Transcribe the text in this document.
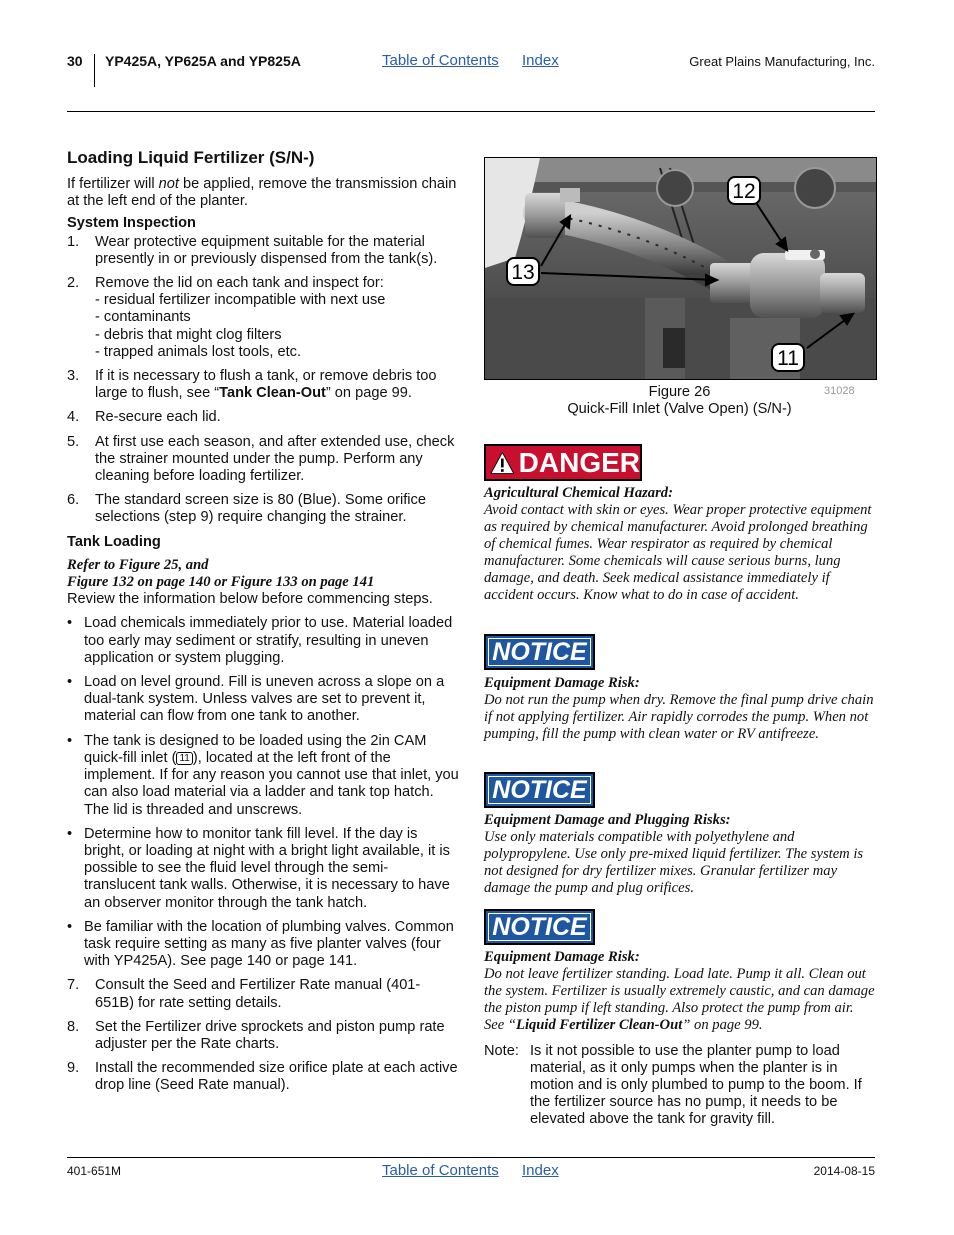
30 YP425A, YP625A and YP825A	Table of Contents Index	Great Plains Manufacturing, Inc.
Loading Liquid Fertilizer (S/N-)

If fertilizer will not be applied, remove the transmission chain at the left end of the planter.

System Inspection
1.	Wear protective equipment suitable for the material presently in or previously dispensed from the tank(s).
2.	Remove the lid on each tank and inspect for:
- residual fertilizer incompatible with next use
- contaminants
- debris that might clog filters
- trapped animals lost tools, etc.
3.	If it is necessary to flush a tank, or remove debris too large to flush, see “Tank Clean-Out” on page 99.
4.	Re-secure each lid.
5.	At first use each season, and after extended use, check the strainer mounted under the pump. Perform any cleaning before loading fertilizer.
6.	The standard screen size is 80 (Blue). Some orifice selections (step 9) require changing the strainer.
Tank Loading
Refer to Figure 25, and
Figure 132 on page 140 or Figure 133 on page 141

Review the information below before commencing steps.

• Load chemicals immediately prior to use. Material loaded too early may sediment or stratify, resulting in uneven application or system plugging.
• Load on level ground. Fill is uneven across a slope on a dual-tank system. Unless valves are set to prevent it, material can flow from one tank to another.
• The tank is designed to be loaded using the 2in CAM quick-fill inlet ( 11 ), located at the left front of the implement. If for any reason you cannot use that inlet, you can also load material via a ladder and tank top hatch. The lid is threaded and unscrews.
• Determine how to monitor tank fill level. If the day is bright, or loading at night with a bright light available, it is possible to see the fluid level through the semi-translucent tank walls. Otherwise, it is necessary to have an observer monitor through the tank hatch.
• Be familiar with the location of plumbing valves. Common task require setting as many as five planter valves (four with YP425A). See page 140 or page 141.
7.	Consult the Seed and Fertilizer Rate manual (401-651B) for rate setting details.
8.	Set the Fertilizer drive sprockets and piston pump rate adjuster per the Rate charts.
9.	Install the recommended size orifice plate at each active drop line (Seed Rate manual).
12
13
11
Figure 26
Quick-Fill Inlet (Valve Open) (S/N-)
31028
DANGER
Agricultural Chemical Hazard:
Avoid contact with skin or eyes. Wear proper protective equipment as required by chemical manufacturer. Avoid prolonged breathing of chemical fumes. Wear respirator as required by chemical manufacturer. Some chemicals will cause serious burns, lung damage, and death. Seek medical assistance immediately if accident occurs. Know what to do in case of accident.
NOTICE
Equipment Damage Risk:
Do not run the pump when dry. Remove the final pump drive chain if not applying fertilizer. Air rapidly corrodes the pump. When not pumping, fill the pump with clean water or RV antifreeze.
NOTICE
Equipment Damage and Plugging Risks:
Use only materials compatible with polyethylene and polypropylene. Use only pre-mixed liquid fertilizer. The system is not designed for dry fertilizer mixes. Granular fertilizer may damage the pump and plug orifices.
NOTICE
Equipment Damage Risk:
Do not leave fertilizer standing. Load late. Pump it all. Clean out the system. Fertilizer is usually extremely caustic, and can damage the piston pump if left standing. Also protect the pump from air. See “Liquid Fertilizer Clean-Out” on page 99.
Note: Is it not possible to use the planter pump to load material, as it only pumps when the planter is in motion and is only plumbed to pump to the boom. If the fertilizer source has no pump, it needs to be elevated above the tank for gravity fill.
401-651M	Table of Contents Index	2014-08-15
